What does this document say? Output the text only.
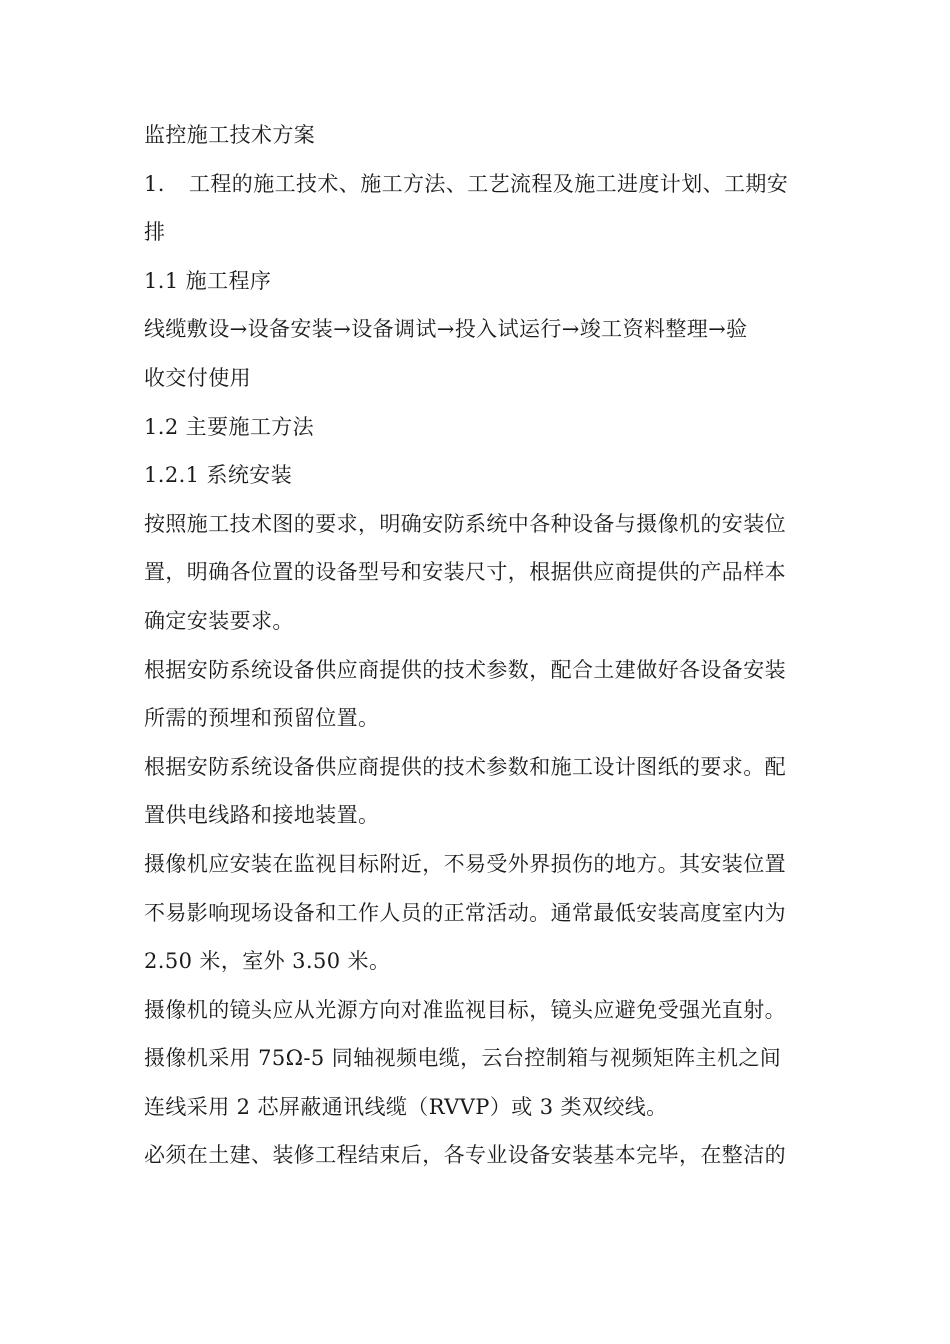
监控施工技术方案
1. 工程的施工技术、施工方法、工艺流程及施工进度计划、工期安
排
1.1 施工程序
线缆敷设→设备安装→设备调试→投入试运行→竣工资料整理→验
收交付使用
1.2 主要施工方法
1.2.1 系统安装
按照施工技术图的要求，明确安防系统中各种设备与摄像机的安装位
置，明确各位置的设备型号和安装尺寸，根据供应商提供的产品样本
确定安装要求。
根据安防系统设备供应商提供的技术参数，配合土建做好各设备安装
所需的预埋和预留位置。
根据安防系统设备供应商提供的技术参数和施工设计图纸的要求。配
置供电线路和接地装置。
摄像机应安装在监视目标附近，不易受外界损伤的地方。其安装位置
不易影响现场设备和工作人员的正常活动。通常最低安装高度室内为
2.50 米，室外 3.50 米。
摄像机的镜头应从光源方向对准监视目标，镜头应避免受强光直射。
摄像机采用 75Ω-5 同轴视频电缆，云台控制箱与视频矩阵主机之间
连线采用 2 芯屏蔽通讯线缆（RVVP）或 3 类双绞线。
必须在土建、装修工程结束后，各专业设备安装基本完毕，在整洁的
